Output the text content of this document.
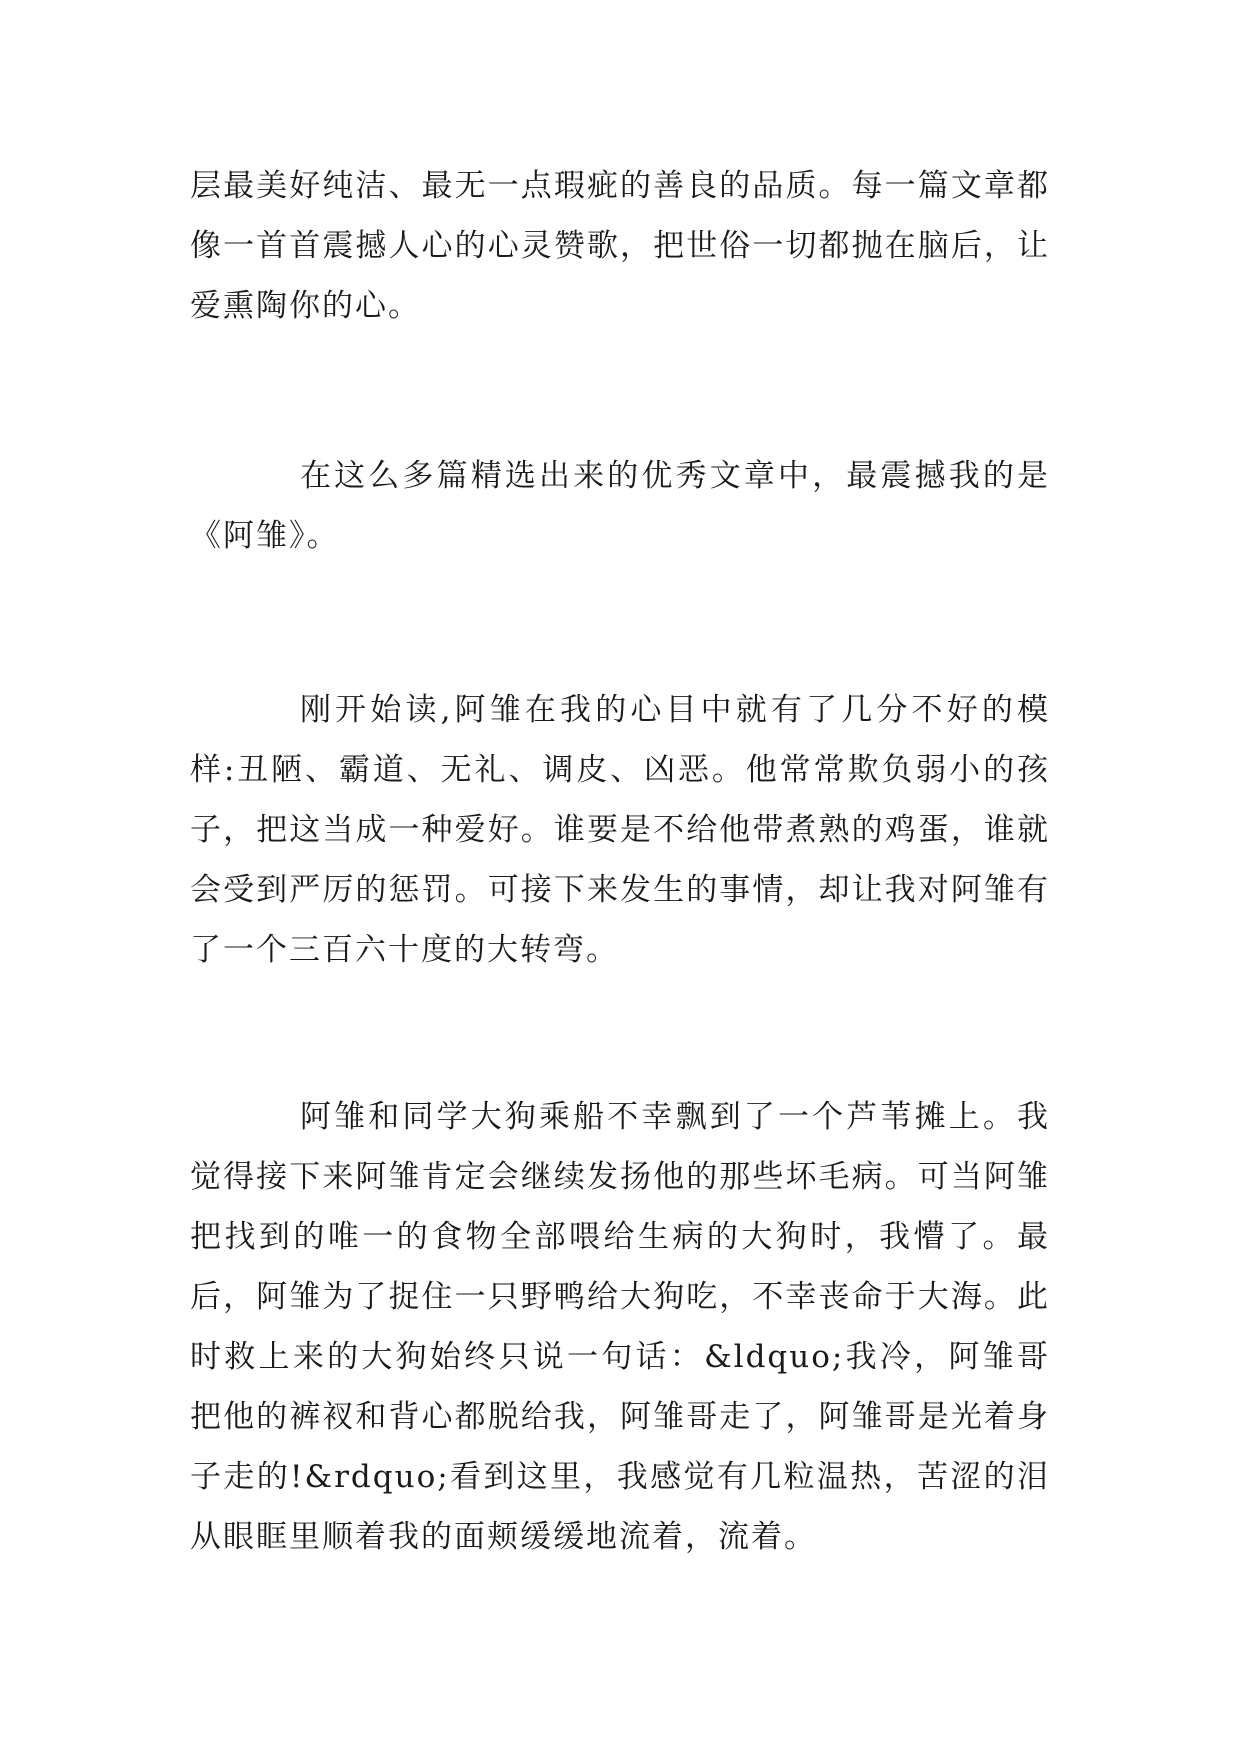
层最美好纯洁、最无一点瑕疵的善良的品质。每一篇文章都像一首首震撼人心的心灵赞歌，把世俗一切都抛在脑后，让爱熏陶你的心。

在这么多篇精选出来的优秀文章中，最震撼我的是《阿雏》。

刚开始读,阿雏在我的心目中就有了几分不好的模样:丑陋、霸道、无礼、调皮、凶恶。他常常欺负弱小的孩子，把这当成一种爱好。谁要是不给他带煮熟的鸡蛋，谁就会受到严厉的惩罚。可接下来发生的事情，却让我对阿雏有了一个三百六十度的大转弯。

阿雏和同学大狗乘船不幸飘到了一个芦苇摊上。我觉得接下来阿雏肯定会继续发扬他的那些坏毛病。可当阿雏把找到的唯一的食物全部喂给生病的大狗时，我懵了。最后，阿雏为了捉住一只野鸭给大狗吃，不幸丧命于大海。此时救上来的大狗始终只说一句话：&ldquo;我冷，阿雏哥把他的裤衩和背心都脱给我，阿雏哥走了，阿雏哥是光着身子走的!&rdquo;看到这里，我感觉有几粒温热，苦涩的泪从眼眶里顺着我的面颊缓缓地流着，流着。
